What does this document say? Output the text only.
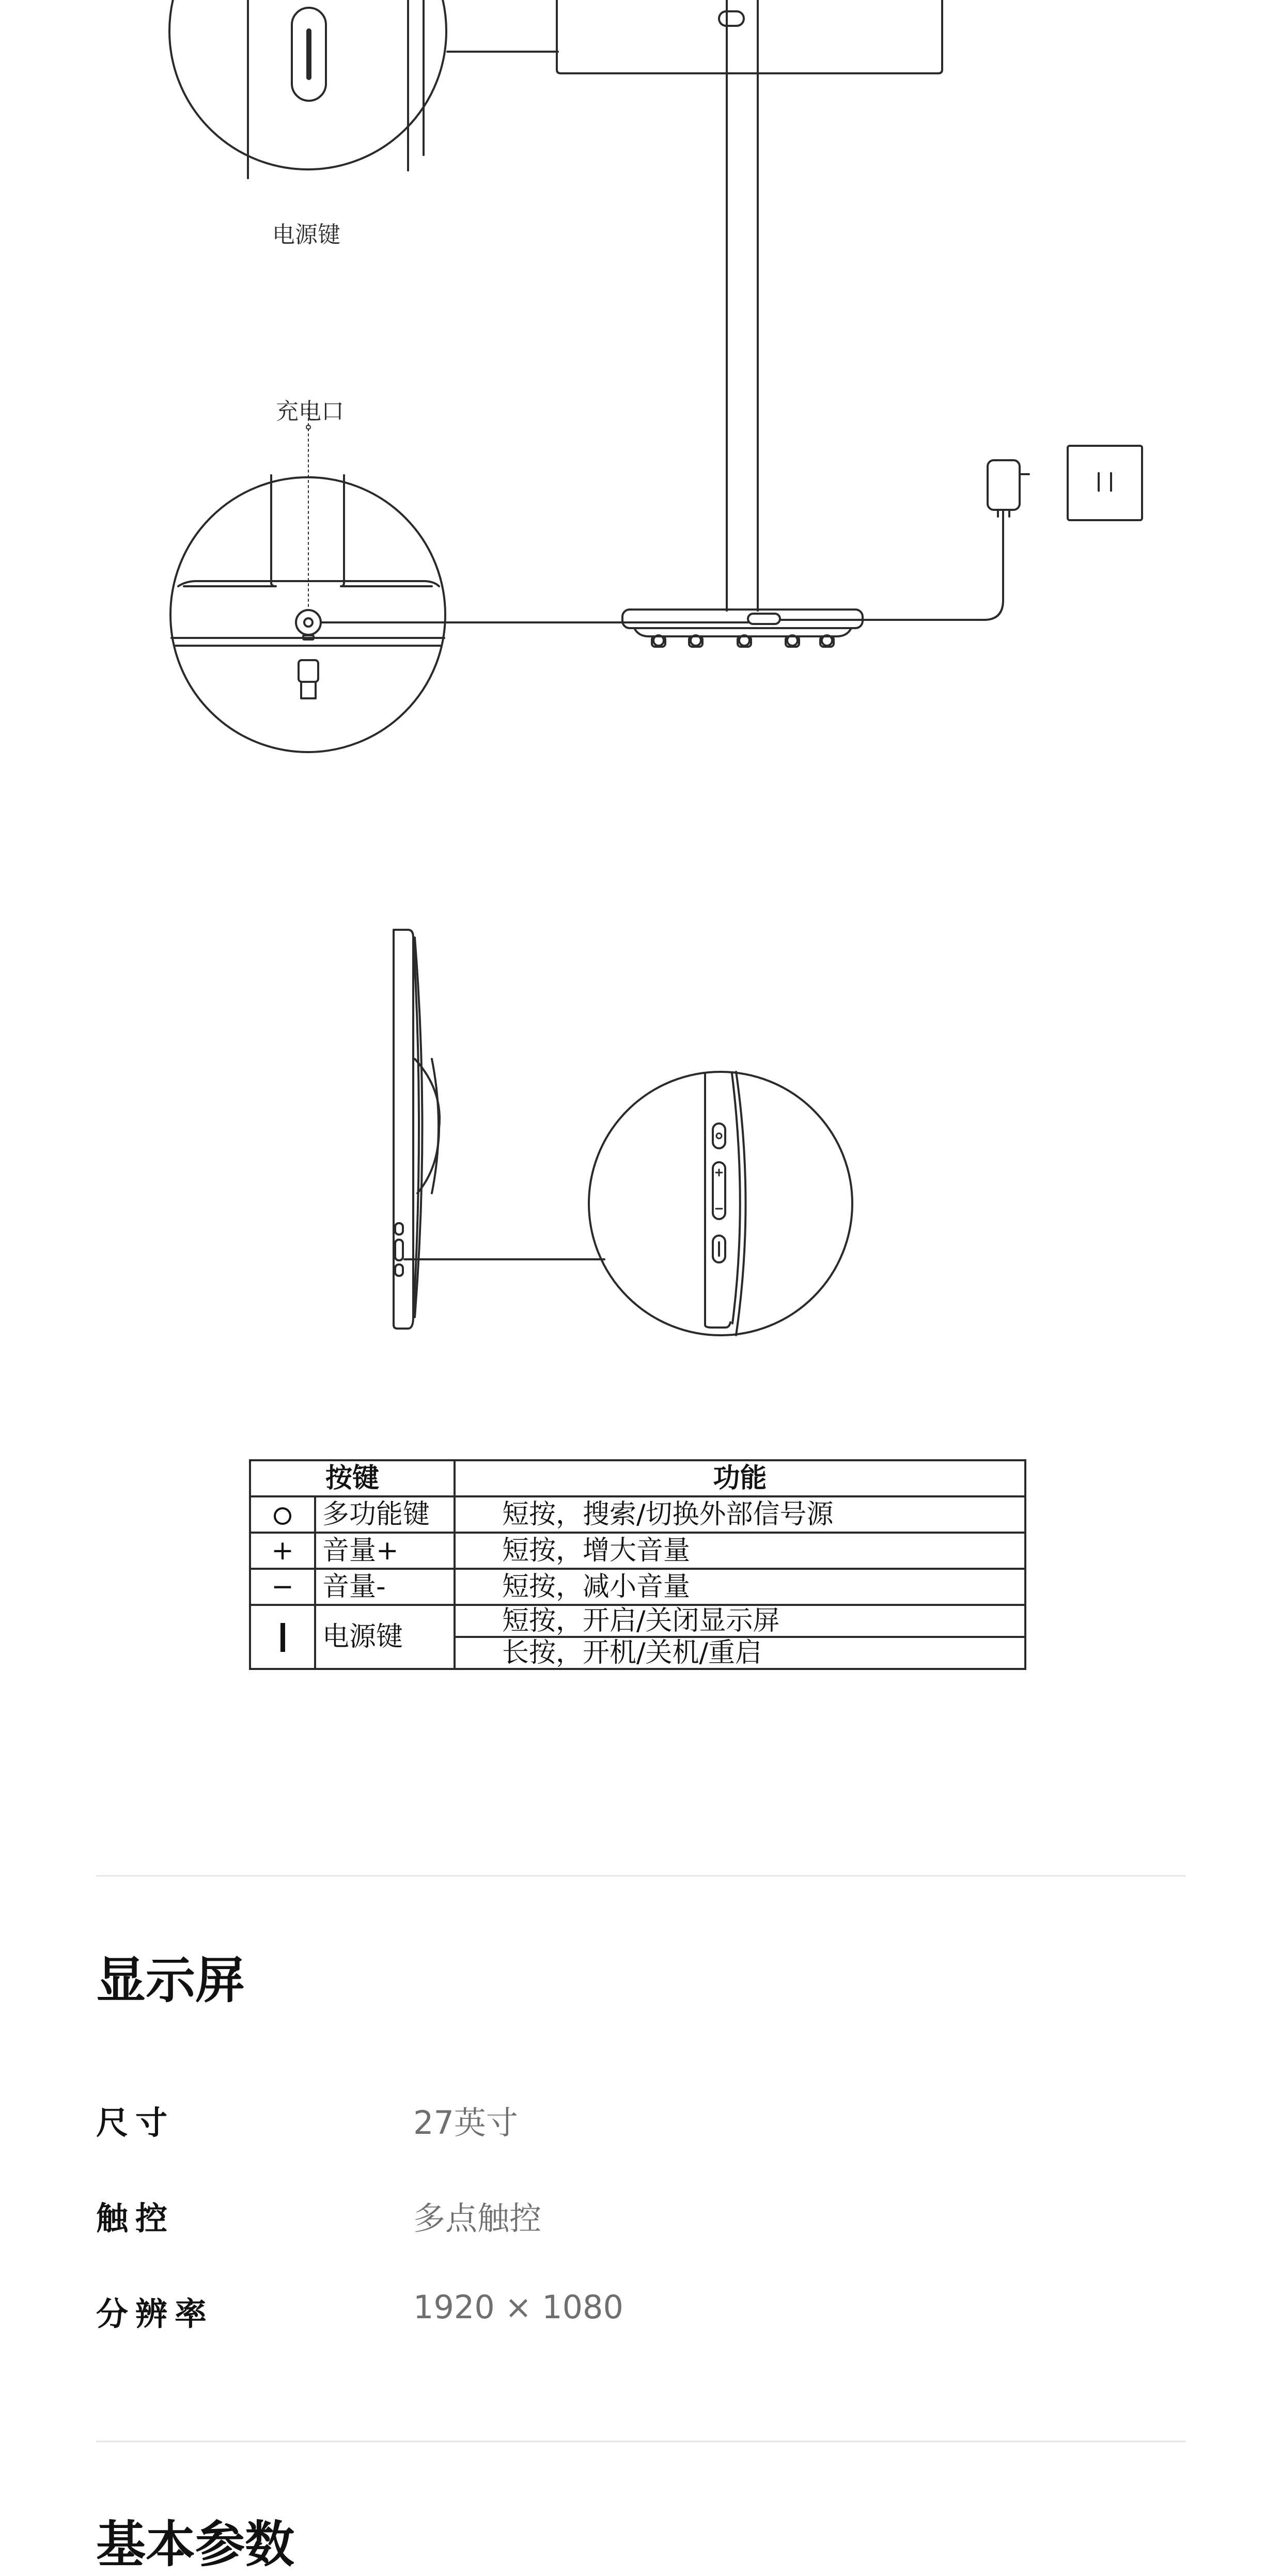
电源键
充电口
按键		功能
	多功能键	短按，搜索/切换外部信号源
+	音量+	短按，增大音量
−	音量-	短按，减小音量
	电源键	短按，开启/关闭显示屏
		长按，开机/关机/重启
显示屏
尺寸	27英寸
触控	多点触控
分辨率	1920 × 1080
基本参数
